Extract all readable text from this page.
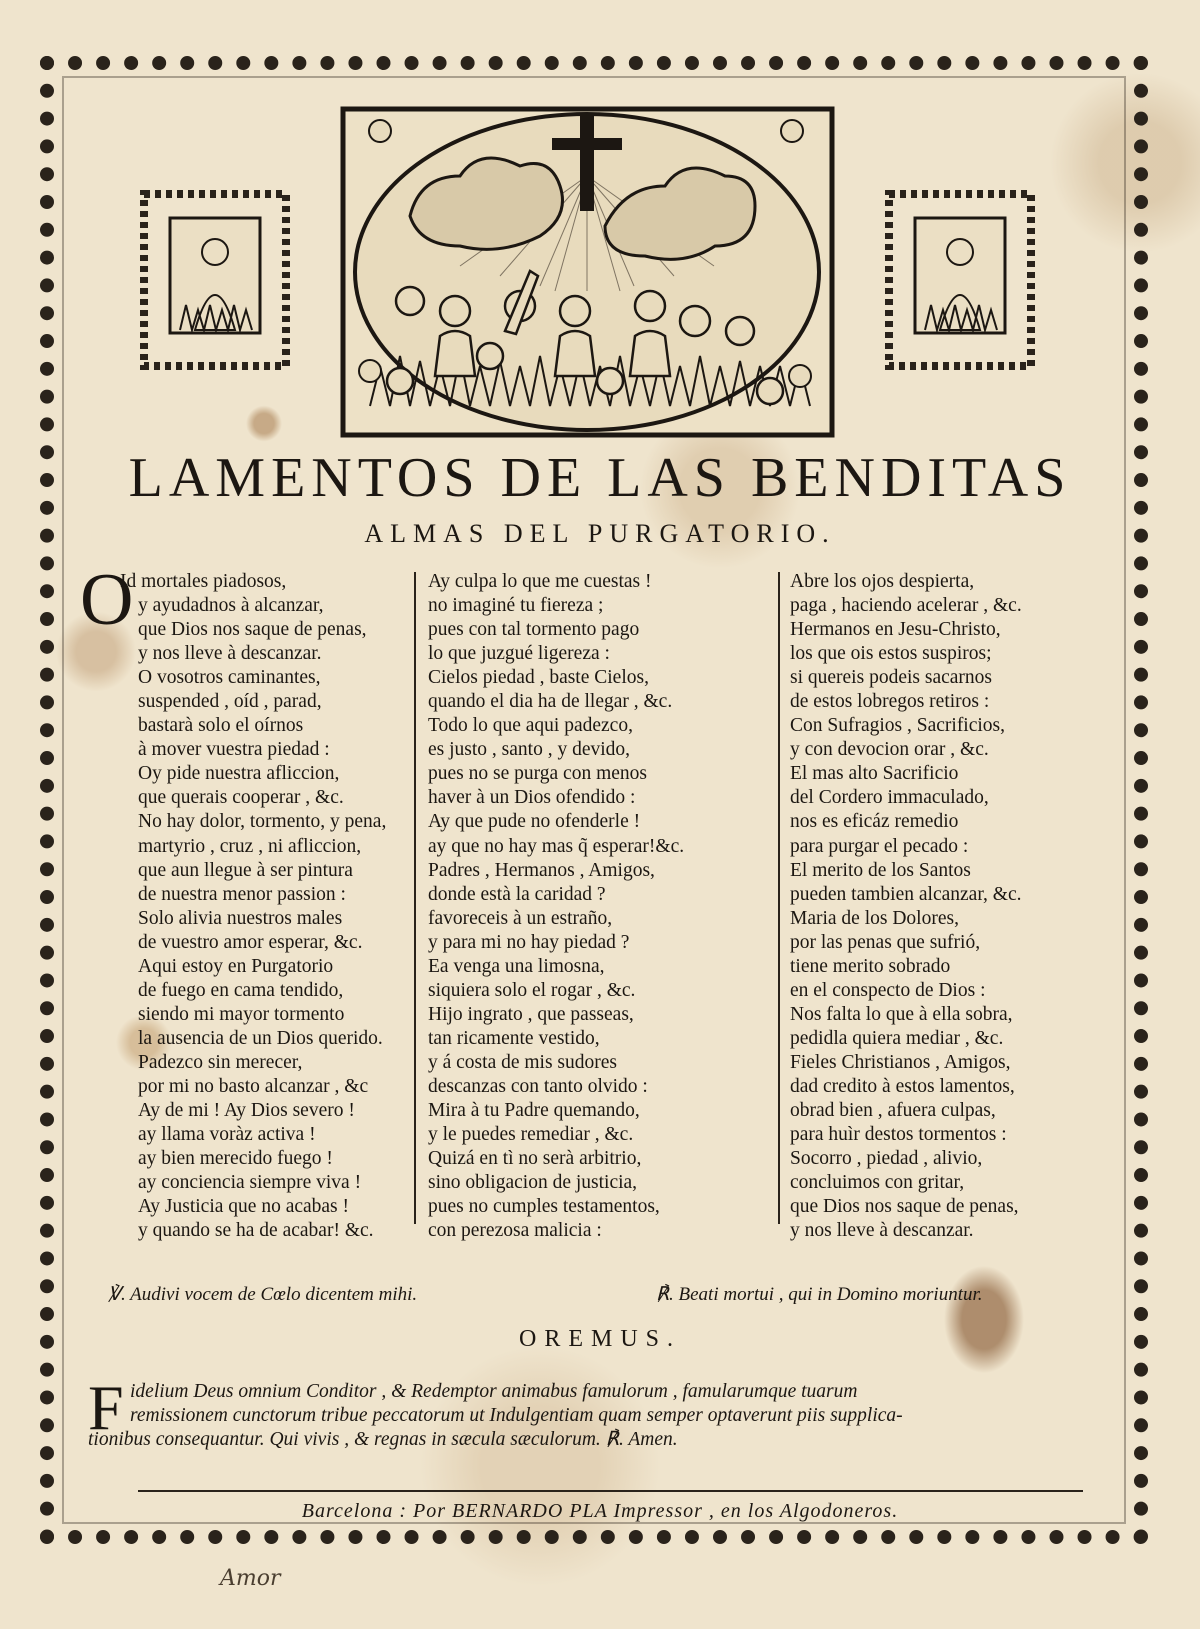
LAMENTOS DE LAS BENDITAS
ALMAS DEL PURGATORIO.
O
Id mortales piadosos,
y ayudadnos à alcanzar,
que Dios nos saque de penas,
y nos lleve à descanzar.
O vosotros caminantes,
suspended , oíd , parad,
bastarà solo el oírnos
à mover vuestra piedad :
Oy pide nuestra afliccion,
que querais cooperar , &c.
No hay dolor, tormento, y pena,
martyrio , cruz , ni afliccion,
que aun llegue à ser pintura
de nuestra menor passion :
Solo alivia nuestros males
de vuestro amor esperar, &c.
Aqui estoy en Purgatorio
de fuego en cama tendido,
siendo mi mayor tormento
la ausencia de un Dios querido.
Padezco sin merecer,
por mi no basto alcanzar , &c
Ay de mi ! Ay Dios severo !
ay llama voràz activa !
ay bien merecido fuego !
ay conciencia siempre viva !
Ay Justicia que no acabas !
y quando se ha de acabar! &c.
Ay culpa lo que me cuestas !
no imaginé tu fiereza ;
pues con tal tormento pago
lo que juzgué ligereza :
Cielos piedad , baste Cielos,
quando el dia ha de llegar , &c.
Todo lo que aqui padezco,
es justo , santo , y devido,
pues no se purga con menos
haver à un Dios ofendido :
Ay que pude no ofenderle !
ay que no hay mas q̃ esperar!&c.
Padres , Hermanos , Amigos,
donde està la caridad ?
favoreceis à un estraño,
y para mi no hay piedad ?
Ea venga una limosna,
siquiera solo el rogar , &c.
Hijo ingrato , que passeas,
tan ricamente vestido,
y á costa de mis sudores
descanzas con tanto olvido :
Mira à tu Padre quemando,
y le puedes remediar , &c.
Quizá en tì no serà arbitrio,
sino obligacion de justicia,
pues no cumples testamentos,
con perezosa malicia :
Abre los ojos despierta,
paga , haciendo acelerar , &c.
Hermanos en Jesu-Christo,
los que ois estos suspiros;
si quereis podeis sacarnos
de estos lobregos retiros :
Con Sufragios , Sacrificios,
y con devocion orar , &c.
El mas alto Sacrificio
del Cordero immaculado,
nos es eficáz remedio
para purgar el pecado :
El merito de los Santos
pueden tambien alcanzar, &c.
Maria de los Dolores,
por las penas que sufrió,
tiene merito sobrado
en el conspecto de Dios :
Nos falta lo que à ella sobra,
pedidla quiera mediar , &c.
Fieles Christianos , Amigos,
dad credito à estos lamentos,
obrad bien , afuera culpas,
para huìr destos tormentos :
Socorro , piedad , alivio,
concluimos con gritar,
que Dios nos saque de penas,
y nos lleve à descanzar.
℣. Audivi vocem de Cœlo dicentem mihi.	℟. Beati mortui , qui in Domino moriuntur.
OREMUS.
F idelium Deus omnium Conditor , & Redemptor animabus famulorum , famularumque tuarum
remissionem cunctorum tribue peccatorum ut Indulgentiam quam semper optaverunt piis supplica-
tionibus consequantur. Qui vivis , & regnas in sæcula sæculorum. ℟. Amen.
Barcelona : Por BERNARDO PLA Impressor , en los Algodoneros.
Amor
